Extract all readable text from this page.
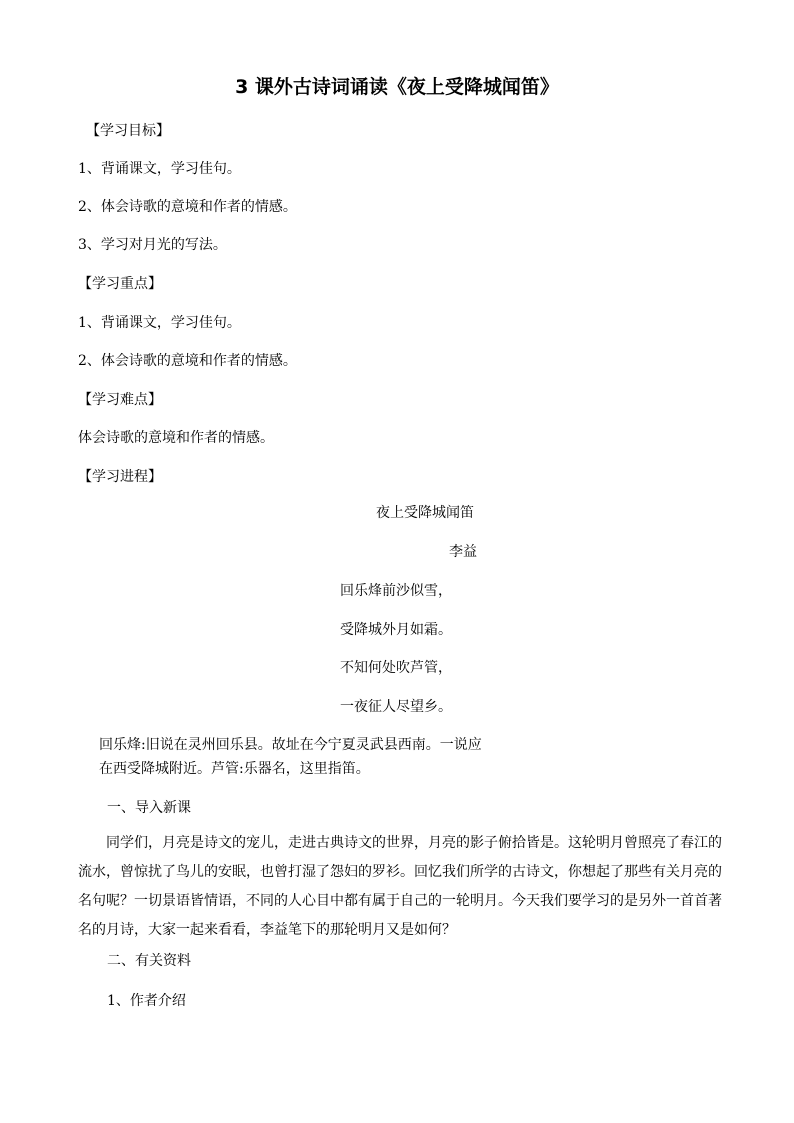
3 课外古诗词诵读《夜上受降城闻笛》
【学习目标】
1、背诵课文，学习佳句。
2、体会诗歌的意境和作者的情感。
3、学习对月光的写法。
【学习重点】
1、背诵课文，学习佳句。
2、体会诗歌的意境和作者的情感。
【学习难点】
体会诗歌的意境和作者的情感。
【学习进程】
夜上受降城闻笛
李益
回乐烽前沙似雪，
受降城外月如霜。
不知何处吹芦管，
一夜征人尽望乡。
回乐烽:旧说在灵州回乐县。故址在今宁夏灵武县西南。一说应
在西受降城附近。芦管:乐器名，这里指笛。
一、导入新课
同学们，月亮是诗文的宠儿，走进古典诗文的世界，月亮的影子俯拾皆是。这轮明月曾照亮了春江的流水，曾惊扰了鸟儿的安眠，也曾打湿了怨妇的罗衫。回忆我们所学的古诗文，你想起了那些有关月亮的名句呢？一切景语皆情语，不同的人心目中都有属于自己的一轮明月。今天我们要学习的是另外一首首著名的月诗，大家一起来看看，李益笔下的那轮明月又是如何？
二、有关资料
1、作者介绍
